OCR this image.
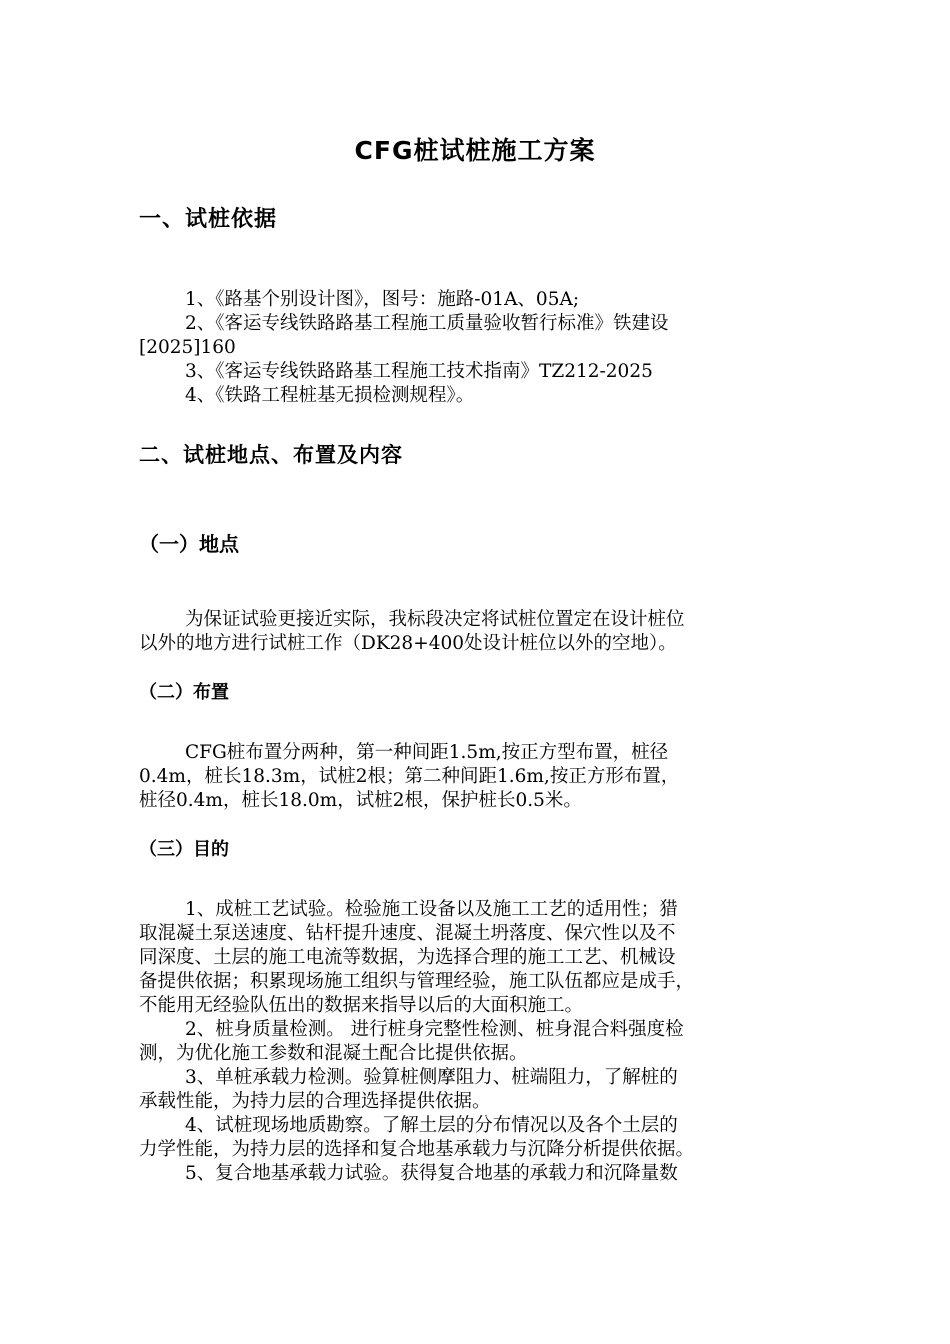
CFG桩试桩施工方案
一、试桩依据
1、《路基个别设计图》，图号：施路-01A、05A;
2、《客运专线铁路路基工程施工质量验收暂行标准》铁建设
[2025]160
3、《客运专线铁路路基工程施工技术指南》TZ212-2025
4、《铁路工程桩基无损检测规程》。
二、试桩地点、布置及内容
（一）地点
为保证试验更接近实际，我标段决定将试桩位置定在设计桩位
以外的地方进行试桩工作（DK28+400处设计桩位以外的空地）。
（二）布置
CFG桩布置分两种，第一种间距1.5m,按正方型布置，桩径
0.4m，桩长18.3m，试桩2根；第二种间距1.6m,按正方形布置，
桩径0.4m，桩长18.0m，试桩2根，保护桩长0.5米。
（三）目的
1、成桩工艺试验。检验施工设备以及施工工艺的适用性；猎
取混凝土泵送速度、钻杆提升速度、混凝土坍落度、保穴性以及不
同深度、土层的施工电流等数据，为选择合理的施工工艺、机械设
备提供依据；积累现场施工组织与管理经验，施工队伍都应是成手，
不能用无经验队伍出的数据来指导以后的大面积施工。
2、桩身质量检测。 进行桩身完整性检测、桩身混合料强度检
测，为优化施工参数和混凝土配合比提供依据。
3、单桩承载力检测。验算桩侧摩阻力、桩端阻力，了解桩的
承载性能，为持力层的合理选择提供依据。
4、试桩现场地质勘察。了解土层的分布情况以及各个土层的
力学性能，为持力层的选择和复合地基承载力与沉降分析提供依据。
5、复合地基承载力试验。获得复合地基的承载力和沉降量数
